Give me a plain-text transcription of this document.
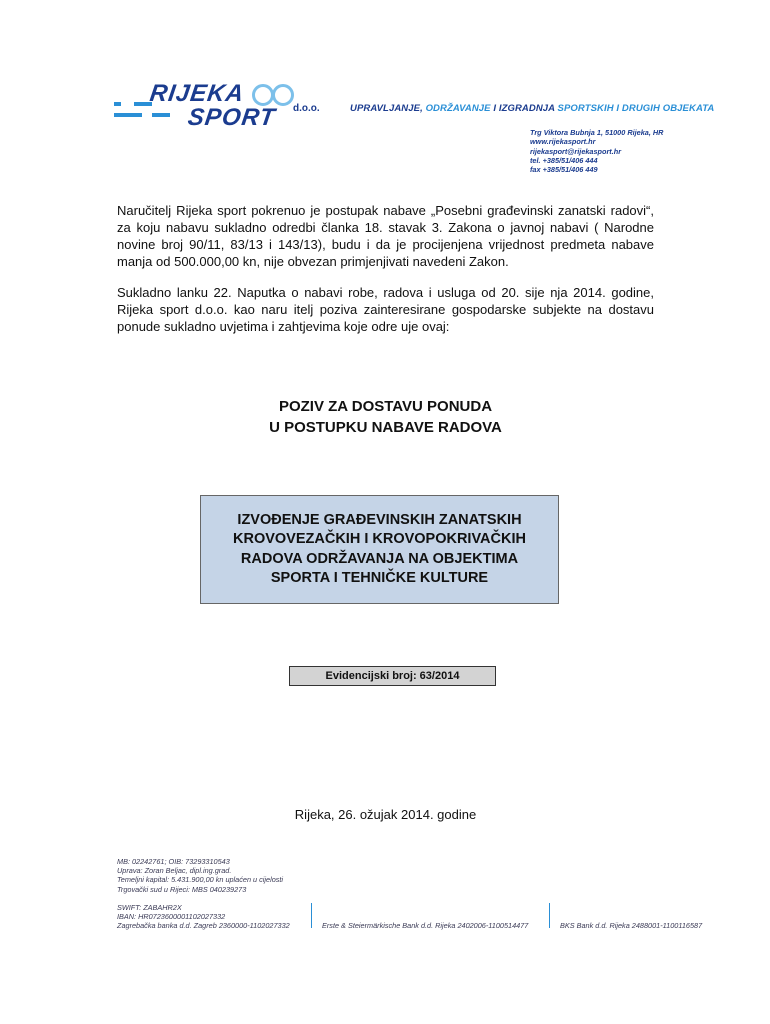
RIJEKA
SPORT d.o.o.	UPRAVLJANJE, ODRŽAVANJE I IZGRADNJA SPORTSKIH I DRUGIH OBJEKATA
Trg Viktora Bubnja 1, 51000 Rijeka, HR
www.rijekasport.hr
rijekasport@rijekasport.hr
tel. +385/51/406 444
fax +385/51/406 449
Naručitelj Rijeka sport pokrenuo je postupak nabave „Posebni građevinski zanatski radovi“, za koju nabavu sukladno odredbi članka 18. stavak 3. Zakona o javnoj nabavi ( Narodne novine broj 90/11, 83/13 i 143/13), budu i da je procijenjena vrijednost predmeta nabave manja od 500.000,00 kn, nije obvezan primjenjivati navedeni Zakon.
Sukladno lanku 22. Naputka o nabavi robe, radova i usluga od 20. sije nja 2014. godine, Rijeka sport d.o.o. kao naru itelj poziva zainteresirane gospodarske subjekte na dostavu ponude sukladno uvjetima i zahtjevima koje odre uje ovaj:
POZIV ZA DOSTAVU PONUDA
U POSTUPKU NABAVE RADOVA
IZVOĐENJE GRAĐEVINSKIH ZANATSKIH
KROVOVEZAČKIH I KROVOPOKRIVAČKIH
RADOVA ODRŽAVANJA NA OBJEKTIMA
SPORTA I TEHNIČKE KULTURE
Evidencijski broj: 63/2014
Rijeka, 26. ožujak 2014. godine
MB: 02242761; OIB: 73293310543
Uprava: Zoran Beljac, dipl.ing.grad.
Temeljni kapital: 5.431.900,00 kn uplaćen u cijelosti
Trgovački sud u Rijeci: MBS 040239273
SWIFT: ZABAHR2X
IBAN: HR0723600001102027332
Zagrebačka banka d.d. Zagreb 2360000-1102027332	Erste & Steiermärkische Bank d.d. Rijeka 2402006-1100514477	BKS Bank d.d. Rijeka 2488001-1100116587
